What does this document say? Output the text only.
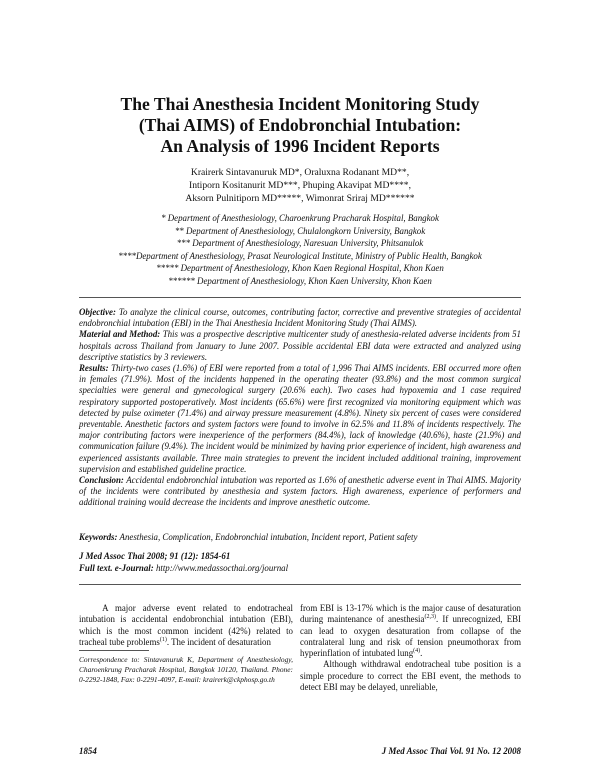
The Thai Anesthesia Incident Monitoring Study
(Thai AIMS) of Endobronchial Intubation:
An Analysis of 1996 Incident Reports
Krairerk Sintavanuruk MD*, Oraluxna Rodanant MD**,
Intiporn Kositanurit MD***, Phuping Akavipat MD****,
Aksorn Pulnitiporn MD*****, Wimonrat Sriraj MD******
* Department of Anesthesiology, Charoenkrung Pracharak Hospital, Bangkok
** Department of Anesthesiology, Chulalongkorn University, Bangkok
*** Department of Anesthesiology, Naresuan University, Phitsanulok
****Department of Anesthesiology, Prasat Neurological Institute, Ministry of Public Health, Bangkok
***** Department of Anesthesiology, Khon Kaen Regional Hospital, Khon Kaen
****** Department of Anesthesiology, Khon Kaen University, Khon Kaen

Objective: To analyze the clinical course, outcomes, contributing factor, corrective and preventive strategies of accidental endobronchial intubation (EBI) in the Thai Anesthesia Incident Monitoring Study (Thai AIMS).

Material and Method: This was a prospective descriptive multicenter study of anesthesia-related adverse incidents from 51 hospitals across Thailand from January to June 2007. Possible accidental EBI data were extracted and analyzed using descriptive statistics by 3 reviewers.

Results: Thirty-two cases (1.6%) of EBI were reported from a total of 1,996 Thai AIMS incidents. EBI occurred more often in females (71.9%). Most of the incidents happened in the operating theater (93.8%) and the most common surgical specialties were general and gynecological surgery (20.6% each). Two cases had hypoxemia and 1 case required respiratory supported postoperatively. Most incidents (65.6%) were first recognized via monitoring equipment which was detected by pulse oximeter (71.4%) and airway pressure measurement (4.8%). Ninety six percent of cases were considered preventable. Anesthetic factors and system factors were found to involve in 62.5% and 11.8% of incidents respectively. The major contributing factors were inexperience of the performers (84.4%), lack of knowledge (40.6%), haste (21.9%) and communication failure (9.4%). The incident would be minimized by having prior experience of incident, high awareness and experienced assistants available. Three main strategies to prevent the incident included additional training, improvement supervision and established guideline practice.

Conclusion: Accidental endobronchial intubation was reported as 1.6% of anesthetic adverse event in Thai AIMS. Majority of the incidents were contributed by anesthesia and system factors. High awareness, experience of performers and additional training would decrease the incidents and improve anesthetic outcome.

Keywords: Anesthesia, Complication, Endobronchial intubation, Incident report, Patient safety
J Med Assoc Thai 2008; 91 (12): 1854-61
Full text. e-Journal: http://www.medassocthai.org/journal

A major adverse event related to endotracheal intubation is accidental endobronchial intubation (EBI), which is the most common incident (42%) related to tracheal tube problems$^{(1)}$. The incident of desaturation

Correspondence to: Sintavanuruk K, Department of Anesthesiology, Charoenkrung Pracharak Hospital, Bangkok 10120, Thailand. Phone: 0-2292-1848, Fax: 0-2291-4097, E-mail: krairerk@ckphosp.go.th

from EBI is 13-17% which is the major cause of desaturation during maintenance of anesthesia$^{(2,3)}$. If unrecognized, EBI can lead to oxygen desaturation from collapse of the contralateral lung and risk of tension pneumothorax from hyperinflation of intubated lung$^{(4)}$.

Although withdrawal endotracheal tube position is a simple procedure to correct the EBI event, the methods to detect EBI may be delayed, unreliable,

1854	J Med Assoc Thai Vol. 91 No. 12 2008
